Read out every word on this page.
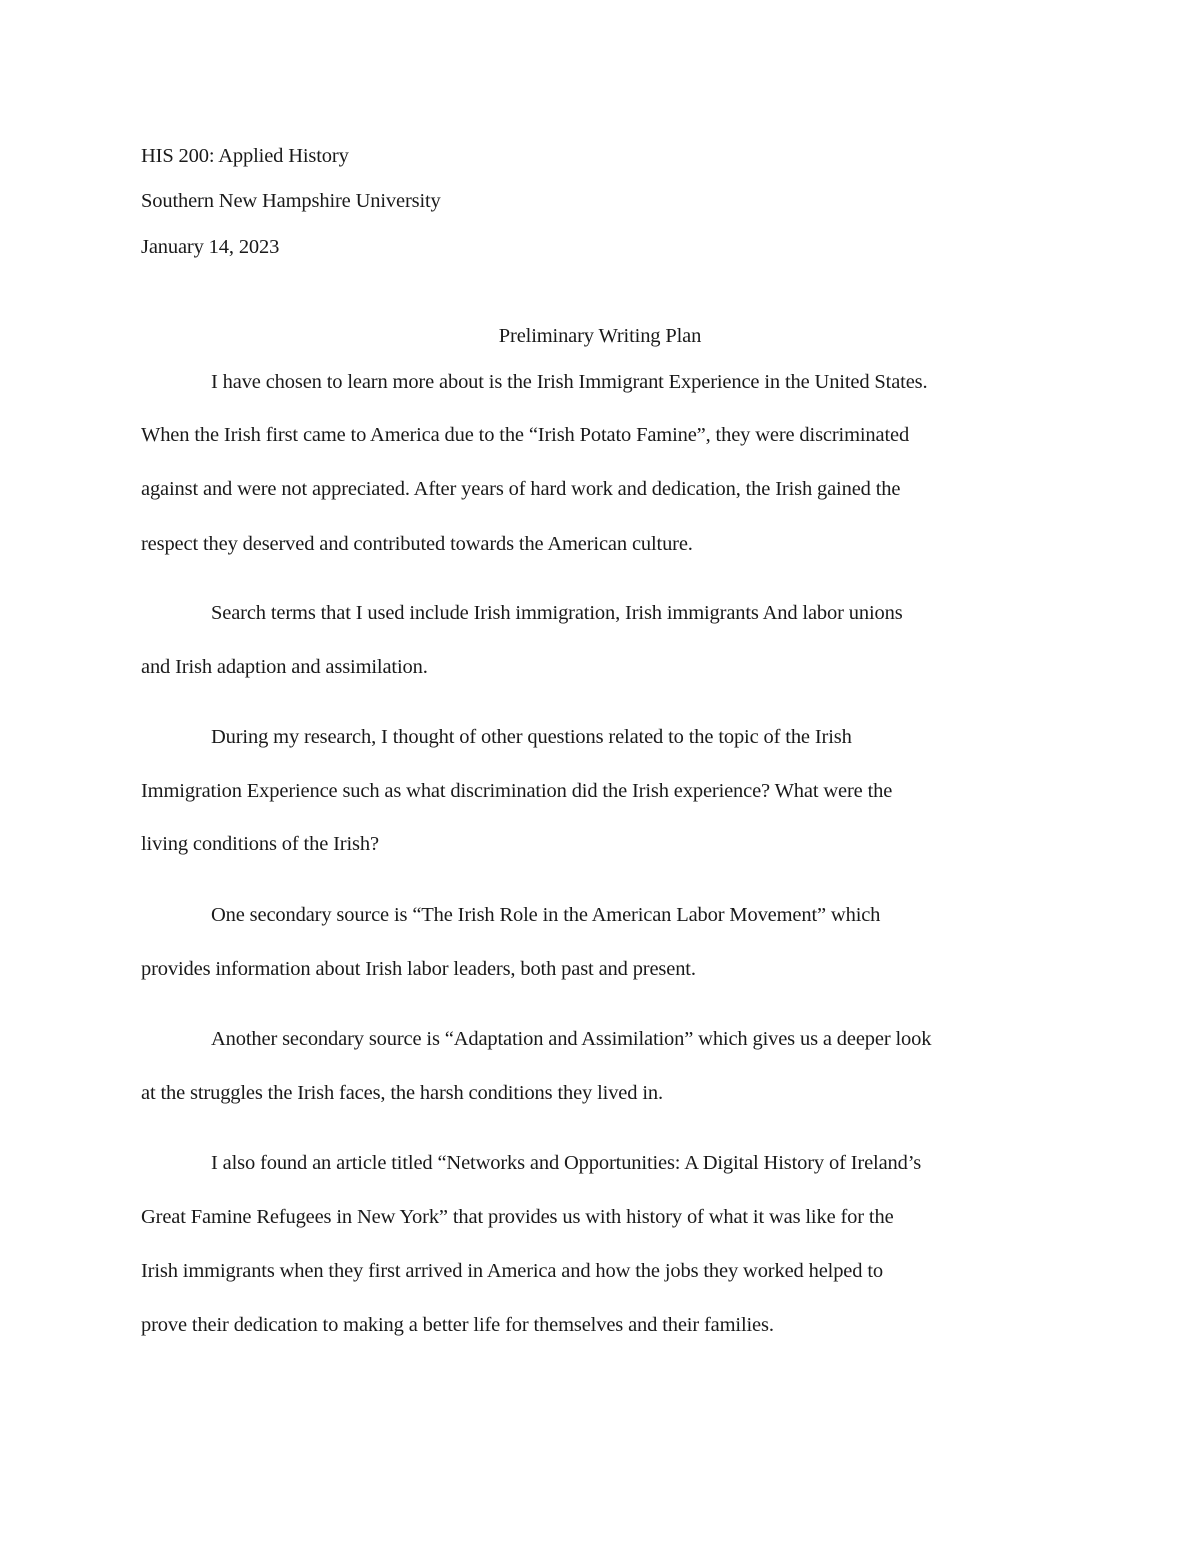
HIS 200: Applied History
Southern New Hampshire University
January 14, 2023
Preliminary Writing Plan
I have chosen to learn more about is the Irish Immigrant Experience in the United States.
When the Irish first came to America due to the “Irish Potato Famine”, they were discriminated
against and were not appreciated. After years of hard work and dedication, the Irish gained the
respect they deserved and contributed towards the American culture.
Search terms that I used include Irish immigration, Irish immigrants And labor unions
and Irish adaption and assimilation.
During my research, I thought of other questions related to the topic of the Irish
Immigration Experience such as what discrimination did the Irish experience? What were the
living conditions of the Irish?
One secondary source is “The Irish Role in the American Labor Movement” which
provides information about Irish labor leaders, both past and present.
Another secondary source is “Adaptation and Assimilation” which gives us a deeper look
at the struggles the Irish faces, the harsh conditions they lived in.
I also found an article titled “Networks and Opportunities: A Digital History of Ireland’s
Great Famine Refugees in New York” that provides us with history of what it was like for the
Irish immigrants when they first arrived in America and how the jobs they worked helped to
prove their dedication to making a better life for themselves and their families.
